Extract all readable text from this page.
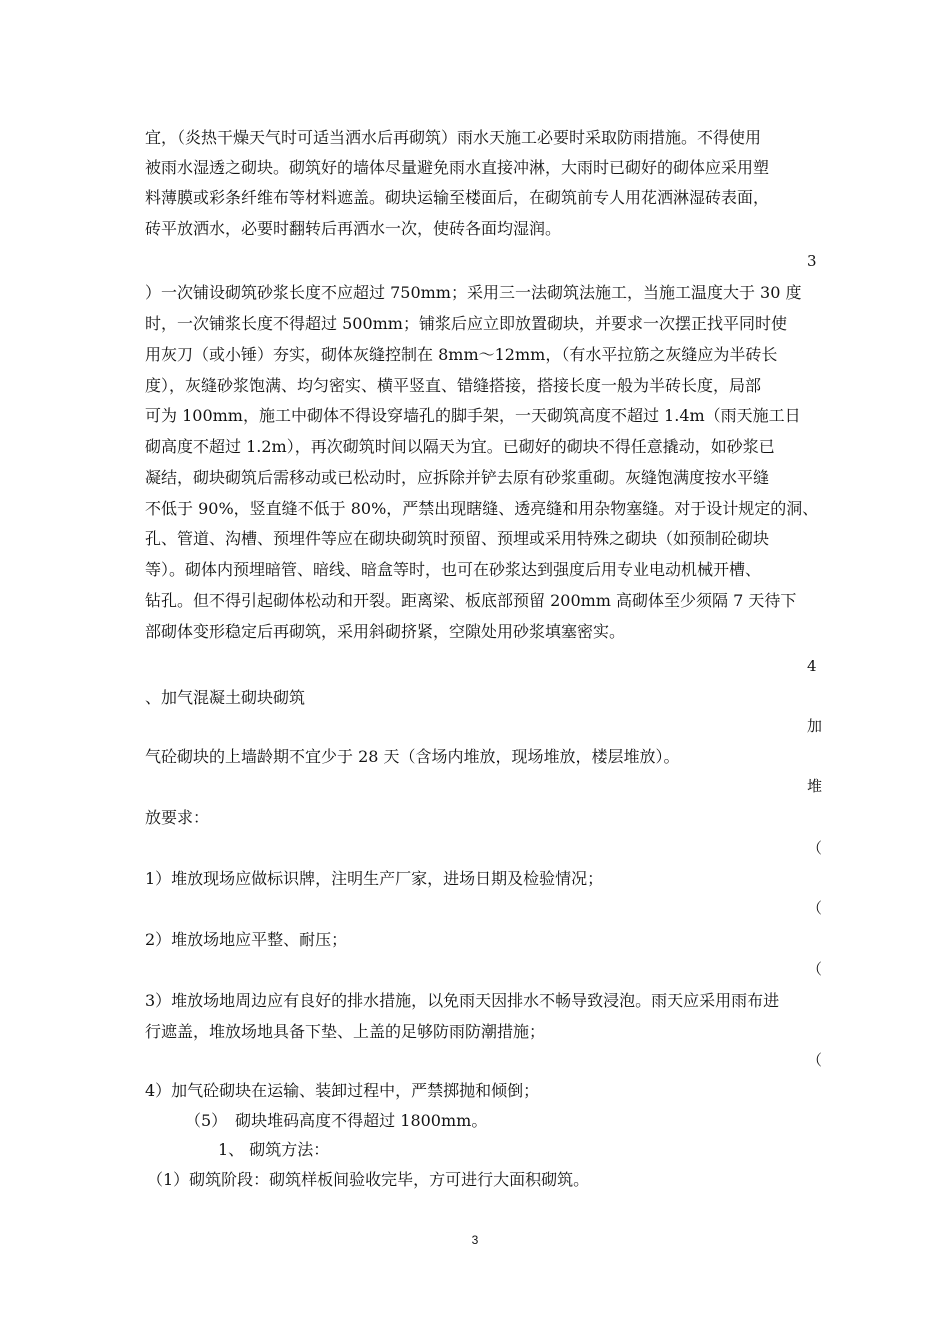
宜，（炎热干燥天气时可适当洒水后再砌筑）雨水天施工必要时采取防雨措施。不得使用
被雨水湿透之砌块。砌筑好的墙体尽量避免雨水直接冲淋，大雨时已砌好的砌体应采用塑
料薄膜或彩条纤维布等材料遮盖。砌块运输至楼面后，在砌筑前专人用花洒淋湿砖表面，
砖平放洒水，必要时翻转后再洒水一次，使砖各面均湿润。
3
）一次铺设砌筑砂浆长度不应超过 750mm；采用三一法砌筑法施工，当施工温度大于 30 度
时，一次铺浆长度不得超过 500mm；铺浆后应立即放置砌块，并要求一次摆正找平同时使
用灰刀（或小锤）夯实，砌体灰缝控制在 8mm～12mm，（有水平拉筋之灰缝应为半砖长
度），灰缝砂浆饱满、均匀密实、横平竖直、错缝搭接，搭接长度一般为半砖长度，局部
可为 100mm，施工中砌体不得设穿墙孔的脚手架，一天砌筑高度不超过 1.4m（雨天施工日
砌高度不超过 1.2m），再次砌筑时间以隔天为宜。已砌好的砌块不得任意撬动，如砂浆已
凝结，砌块砌筑后需移动或已松动时，应拆除并铲去原有砂浆重砌。灰缝饱满度按水平缝
不低于 90%，竖直缝不低于 80%，严禁出现瞎缝、透亮缝和用杂物塞缝。对于设计规定的洞、
孔、管道、沟槽、预埋件等应在砌块砌筑时预留、预埋或采用特殊之砌块（如预制砼砌块
等）。砌体内预埋暗管、暗线、暗盒等时，也可在砂浆达到强度后用专业电动机械开槽、
钻孔。但不得引起砌体松动和开裂。距离梁、板底部预留 200mm 高砌体至少须隔 7 天待下
部砌体变形稳定后再砌筑，采用斜砌挤紧，空隙处用砂浆填塞密实。
4
、加气混凝土砌块砌筑
加
气砼砌块的上墙龄期不宜少于 28 天（含场内堆放，现场堆放，楼层堆放）。
堆
放要求：
（
1）堆放现场应做标识牌，注明生产厂家，进场日期及检验情况；
（
2）堆放场地应平整、耐压；
（
3）堆放场地周边应有良好的排水措施，以免雨天因排水不畅导致浸泡。雨天应采用雨布进
行遮盖，堆放场地具备下垫、上盖的足够防雨防潮措施；
（
4）加气砼砌块在运输、装卸过程中，严禁掷抛和倾倒；
（5）　砌块堆码高度不得超过 1800mm。
1、 砌筑方法：
（1）砌筑阶段：砌筑样板间验收完毕，方可进行大面积砌筑。
3
